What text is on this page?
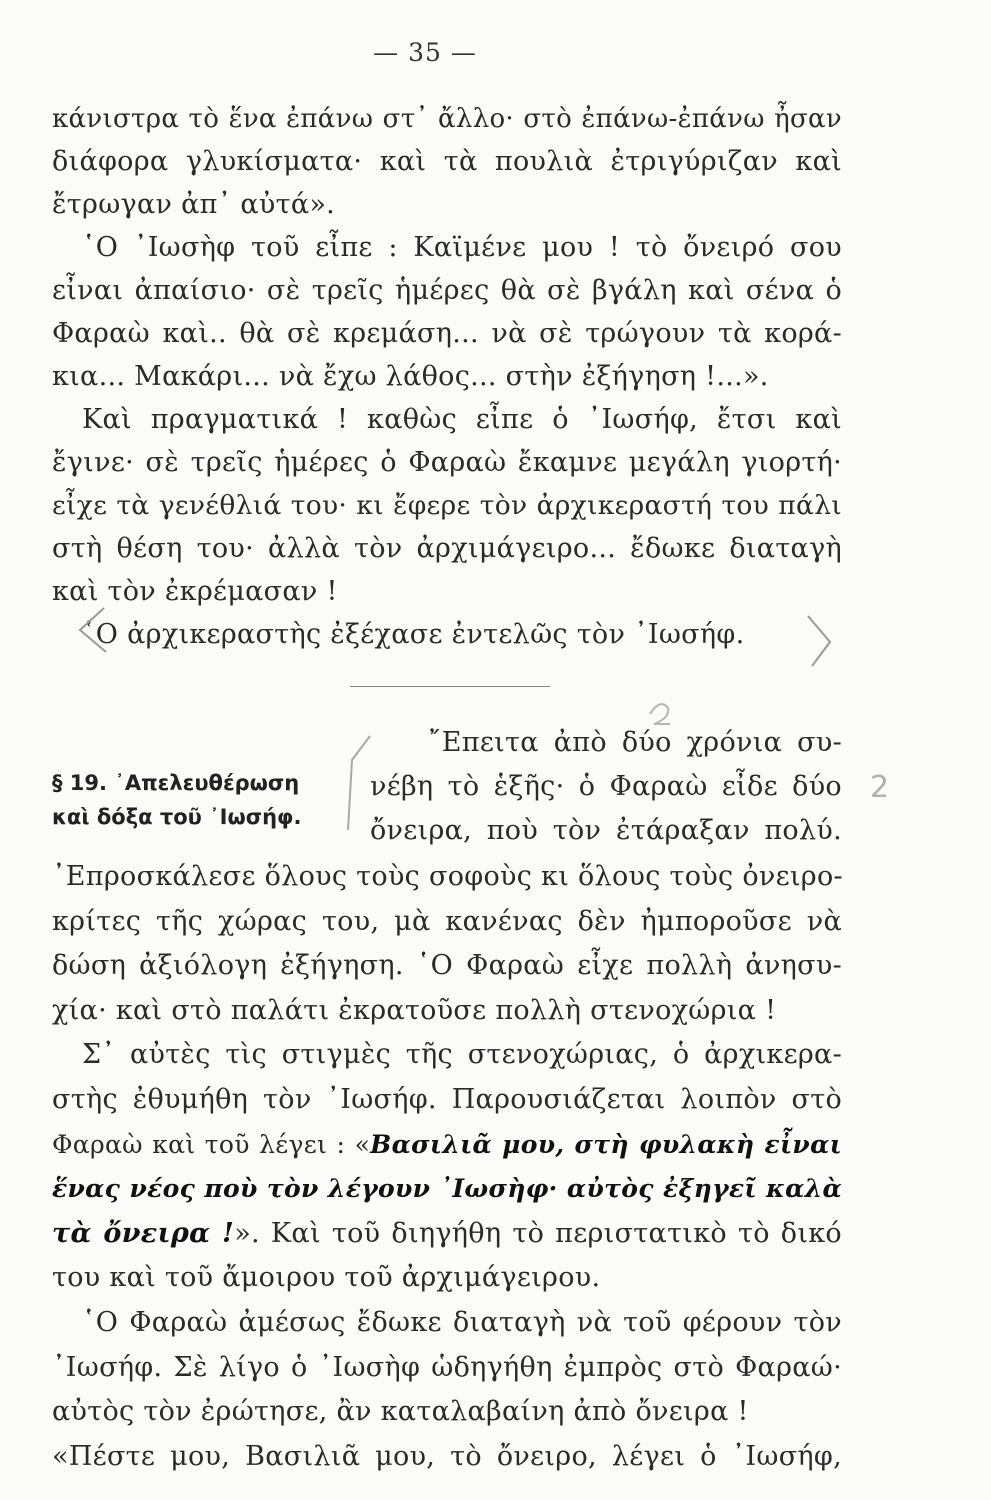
— 35 —
κάνιστρα τὸ ἕνα ἐπάνω στ᾿ ἄλλο· στὸ ἐπάνω-ἐπάνω ἦσαν
διάφορα γλυκίσματα· καὶ τὰ πουλιὰ ἐτριγύριζαν καὶ
ἔτρωγαν ἀπ᾿ αὐτά».
῾Ο ᾿Ιωσὴφ τοῦ εἶπε : Καϊμένε μου ! τὸ ὄνειρό σου
εἶναι ἀπαίσιο· σὲ τρεῖς ἡμέρες θὰ σὲ βγάλη καὶ σένα ὁ
Φαραὼ καὶ.. θὰ σὲ κρεμάση... νὰ σὲ τρώγουν τὰ κορά-
κια... Μακάρι... νὰ ἔχω λάθος... στὴν ἐξήγηση !...».
Καὶ πραγματικά ! καθὼς εἶπε ὁ ᾿Ιωσήφ, ἔτσι καὶ
ἔγινε· σὲ τρεῖς ἡμέρες ὁ Φαραὼ ἔκαμνε μεγάλη γιορτή·
εἶχε τὰ γενέθλιά του· κι ἔφερε τὸν ἀρχικεραστή του πάλι
στὴ θέση του· ἀλλὰ τὸν ἀρχιμάγειρο... ἔδωκε διαταγὴ
καὶ τὸν ἐκρέμασαν !
῾Ο ἀρχικεραστὴς ἐξέχασε ἐντελῶς τὸν ᾿Ιωσήφ.
2
§ 19. ᾿Απελευθέρωση
καὶ δόξα τοῦ ᾿Ιωσήφ.
῎Επειτα ἀπὸ δύο χρόνια συ-
νέβη τὸ ἑξῆς· ὁ Φαραὼ εἶδε δύο
ὄνειρα, ποὺ τὸν ἐτάραξαν πολύ.
᾿Επροσκάλεσε ὅλους τοὺς σοφοὺς κι ὅλους τοὺς ὀνειρο-
κρίτες τῆς χώρας του, μὰ κανένας δὲν ἠμποροῦσε νὰ
δώση ἀξιόλογη ἐξήγηση. ῾Ο Φαραὼ εἶχε πολλὴ ἀνησυ-
χία· καὶ στὸ παλάτι ἐκρατοῦσε πολλὴ στενοχώρια !
Σ᾿ αὐτὲς τὶς στιγμὲς τῆς στενοχώριας, ὁ ἀρχικερα-
στὴς ἐθυμήθη τὸν ᾿Ιωσήφ. Παρουσιάζεται λοιπὸν στὸ
Φαραὼ καὶ τοῦ λέγει : «Βασιλιᾶ μου, στὴ φυλακὴ εἶναι
ἕνας νέος ποὺ τὸν λέγουν ᾿Ιωσὴφ· αὐτὸς ἐξηγεῖ καλὰ
τὰ ὄνειρα !». Καὶ τοῦ διηγήθη τὸ περιστατικὸ τὸ δικό
του καὶ τοῦ ἄμοιρου τοῦ ἀρχιμάγειρου.
῾Ο Φαραὼ ἀμέσως ἔδωκε διαταγὴ νὰ τοῦ φέρουν τὸν
᾿Ιωσήφ. Σὲ λίγο ὁ ᾿Ιωσὴφ ὡδηγήθη ἐμπρὸς στὸ Φαραώ·
αὐτὸς τὸν ἐρώτησε, ἂν καταλαβαίνη ἀπὸ ὄνειρα !
«Πέστε μου, Βασιλιᾶ μου, τὸ ὄνειρο, λέγει ὁ ᾿Ιωσήφ,
